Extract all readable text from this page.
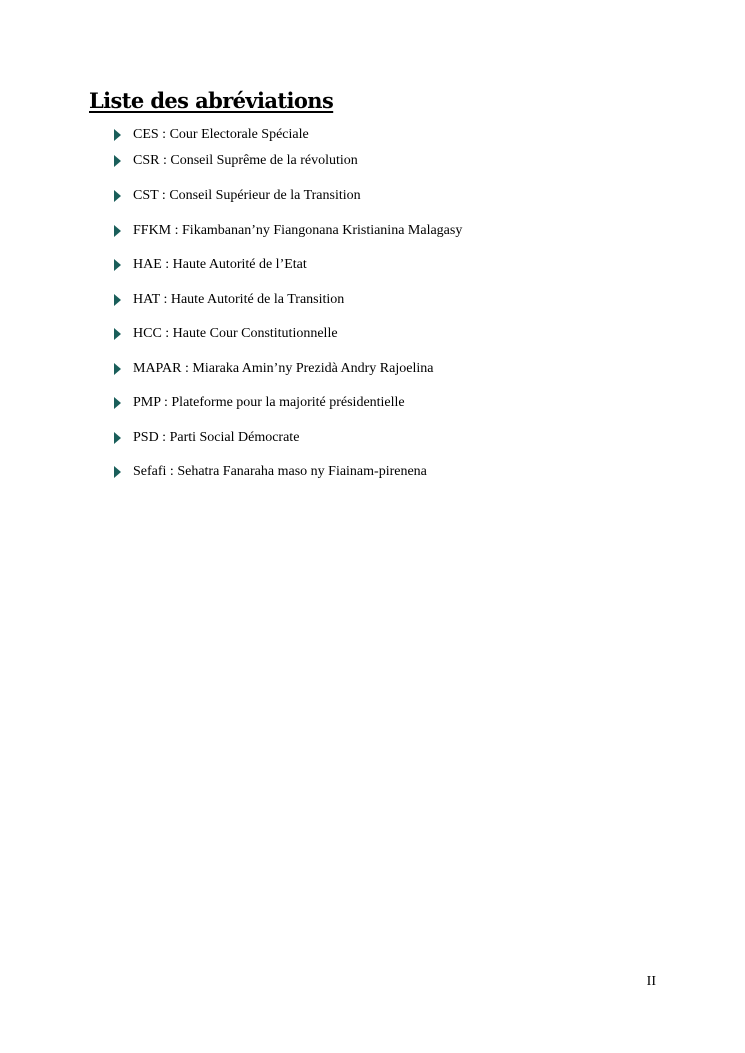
Liste des abréviations
CES : Cour Electorale Spéciale
CSR : Conseil Suprême de la révolution
CST : Conseil Supérieur de la Transition
FFKM : Fikambanan’ny Fiangonana Kristianina Malagasy
HAE : Haute Autorité de l’Etat
HAT : Haute Autorité de la Transition
HCC : Haute Cour Constitutionnelle
MAPAR : Miaraka Amin’ny Prezidà Andry Rajoelina
PMP : Plateforme pour la majorité présidentielle
PSD : Parti Social Démocrate
Sefafi : Sehatra Fanaraha maso ny Fiainam-pirenena
II
